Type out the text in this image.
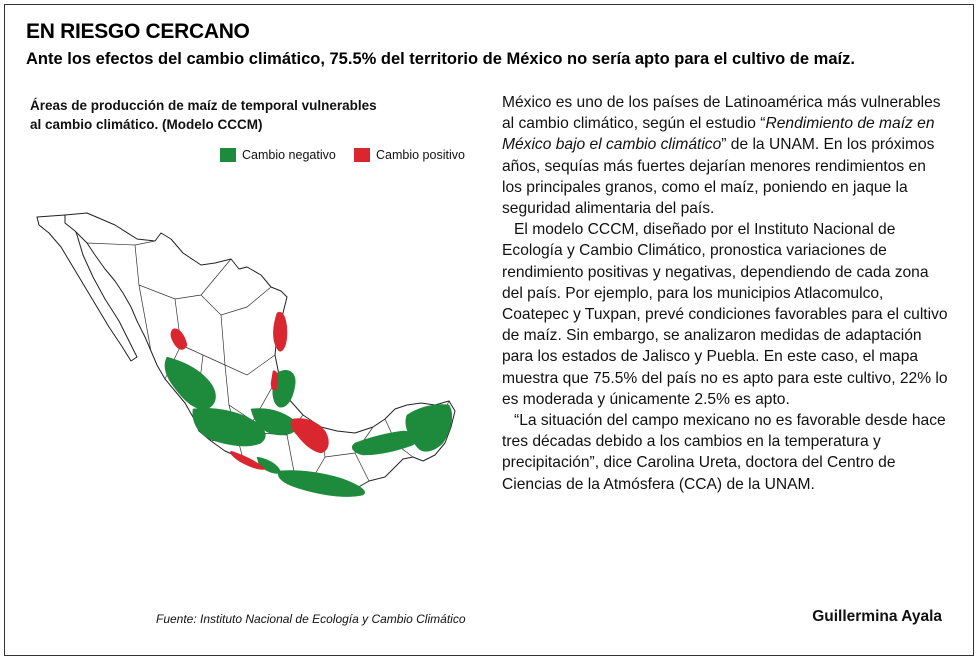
EN RIESGO CERCANO
Ante los efectos del cambio climático, 75.5% del territorio de México no sería apto para el cultivo de maíz.
Áreas de producción de maíz de temporal vulnerables
al cambio climático. (Modelo CCCM)
Cambio negativo	Cambio positivo
Fuente: Instituto Nacional de Ecología y Cambio Climático

México es uno de los países de Latinoamérica más vulnerables al cambio climático, según el estudio “Rendimiento de maíz en México bajo el cambio climático” de la UNAM. En los próximos años, sequías más fuertes dejarían menores rendimientos en los principales granos, como el maíz, poniendo en jaque la seguridad alimentaria del país.

El modelo CCCM, diseñado por el Instituto Nacional de Ecología y Cambio Climático, pronostica variaciones de rendimiento positivas y negativas, dependiendo de cada zona del país. Por ejemplo, para los municipios Atlacomulco, Coatepec y Tuxpan, prevé condiciones favorables para el cultivo de maíz. Sin embargo, se analizaron medidas de adaptación para los estados de Jalisco y Puebla. En este caso, el mapa muestra que 75.5% del país no es apto para este cultivo, 22% lo es moderada y únicamente 2.5% es apto.

“La situación del campo mexicano no es favorable desde hace tres décadas debido a los cambios en la temperatura y precipitación”, dice Carolina Ureta, doctora del Centro de Ciencias de la Atmósfera (CCA) de la UNAM.

Guillermina Ayala
